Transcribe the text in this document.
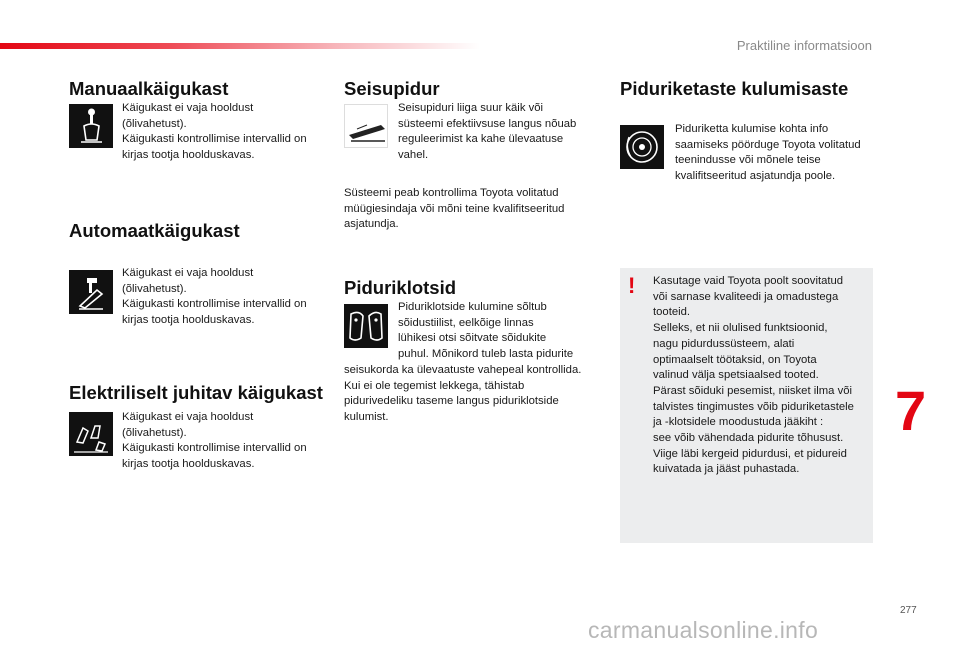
Praktiline informatsioon
Manuaalkäigukast
Käigukast ei vaja hooldust
(õlivahetust).
Käigukasti kontrollimise intervallid on
kirjas tootja hoolduskavas.
Automaatkäigukast
Käigukast ei vaja hooldust
(õlivahetust).
Käigukasti kontrollimise intervallid on
kirjas tootja hoolduskavas.
Elektriliselt juhitav käigukast
Käigukast ei vaja hooldust
(õlivahetust).
Käigukasti kontrollimise intervallid on
kirjas tootja hoolduskavas.
Seisupidur
Seisupiduri liiga suur käik või
süsteemi efektiivsuse langus nõuab
reguleerimist ka kahe ülevaatuse
vahel.
Süsteemi peab kontrollima Toyota volitatud
müügiesindaja või mõni teine kvalifitseeritud
asjatundja.
Piduriklotsid
Piduriklotside kulumine sõltub
sõidustiilist, eelkõige linnas
lühikesi otsi sõitvate sõidukite
puhul. Mõnikord tuleb lasta pidurite
seisukorda ka ülevaatuste vahepeal kontrollida.
Kui ei ole tegemist lekkega, tähistab
pidurivedeliku taseme langus piduriklotside
kulumist.
Piduriketaste kulumisaste
Piduriketta kulumise kohta info
saamiseks pöörduge Toyota volitatud
teenindusse või mõnele teise
kvalifitseeritud asjatundja poole.
! Kasutage vaid Toyota poolt soovitatud
või sarnase kvaliteedi ja omadustega
tooteid.
Selleks, et nii olulised funktsioonid,
nagu pidurdussüsteem, alati
optimaalselt töötaksid, on Toyota
valinud välja spetsiaalsed tooted.
Pärast sõiduki pesemist, niisket ilma või
talvistes tingimustes võib piduriketastele
ja -klotsidele moodustuda jääkiht :
see võib vähendada pidurite tõhusust.
Viige läbi kergeid pidurdusi, et pidureid
kuivatada ja jääst puhastada.
7
277
carmanualsonline.info
